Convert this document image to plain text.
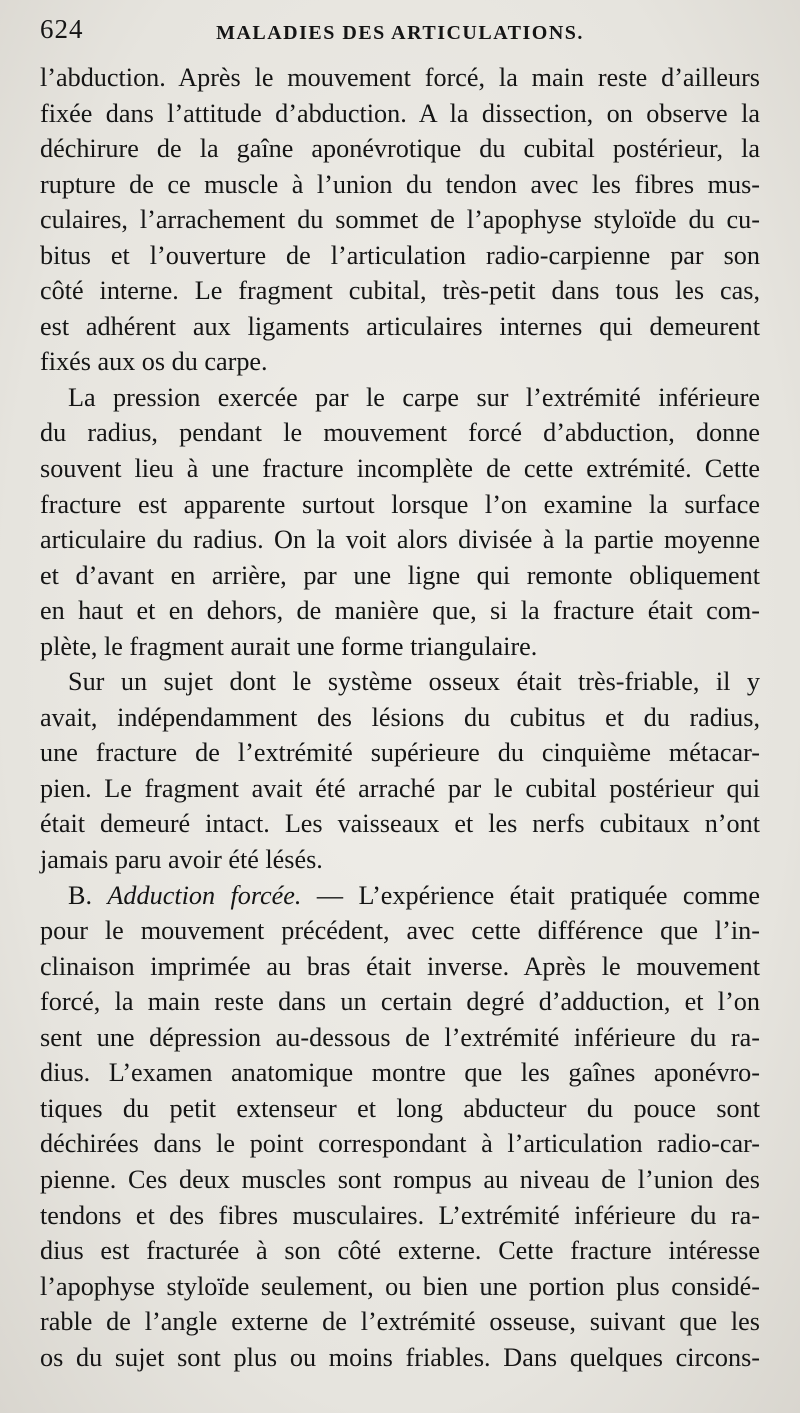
624	MALADIES DES ARTICULATIONS.
l’abduction. Après le mouvement forcé, la main reste d’ailleurs
fixée dans l’attitude d’abduction. A la dissection, on observe la
déchirure de la gaîne aponévrotique du cubital postérieur, la
rupture de ce muscle à l’union du tendon avec les fibres mus-
culaires, l’arrachement du sommet de l’apophyse styloïde du cu-
bitus et l’ouverture de l’articulation radio-carpienne par son
côté interne. Le fragment cubital, très-petit dans tous les cas,
est adhérent aux ligaments articulaires internes qui demeurent
fixés aux os du carpe.
La pression exercée par le carpe sur l’extrémité inférieure
du radius, pendant le mouvement forcé d’abduction, donne
souvent lieu à une fracture incomplète de cette extrémité. Cette
fracture est apparente surtout lorsque l’on examine la surface
articulaire du radius. On la voit alors divisée à la partie moyenne
et d’avant en arrière, par une ligne qui remonte obliquement
en haut et en dehors, de manière que, si la fracture était com-
plète, le fragment aurait une forme triangulaire.
Sur un sujet dont le système osseux était très-friable, il y
avait, indépendamment des lésions du cubitus et du radius,
une fracture de l’extrémité supérieure du cinquième métacar-
pien. Le fragment avait été arraché par le cubital postérieur qui
était demeuré intact. Les vaisseaux et les nerfs cubitaux n’ont
jamais paru avoir été lésés.
B. Adduction forcée. — L’expérience était pratiquée comme
pour le mouvement précédent, avec cette différence que l’in-
clinaison imprimée au bras était inverse. Après le mouvement
forcé, la main reste dans un certain degré d’adduction, et l’on
sent une dépression au-dessous de l’extrémité inférieure du ra-
dius. L’examen anatomique montre que les gaînes aponévro-
tiques du petit extenseur et long abducteur du pouce sont
déchirées dans le point correspondant à l’articulation radio-car-
pienne. Ces deux muscles sont rompus au niveau de l’union des
tendons et des fibres musculaires. L’extrémité inférieure du ra-
dius est fracturée à son côté externe. Cette fracture intéresse
l’apophyse styloïde seulement, ou bien une portion plus considé-
rable de l’angle externe de l’extrémité osseuse, suivant que les
os du sujet sont plus ou moins friables. Dans quelques circons-
